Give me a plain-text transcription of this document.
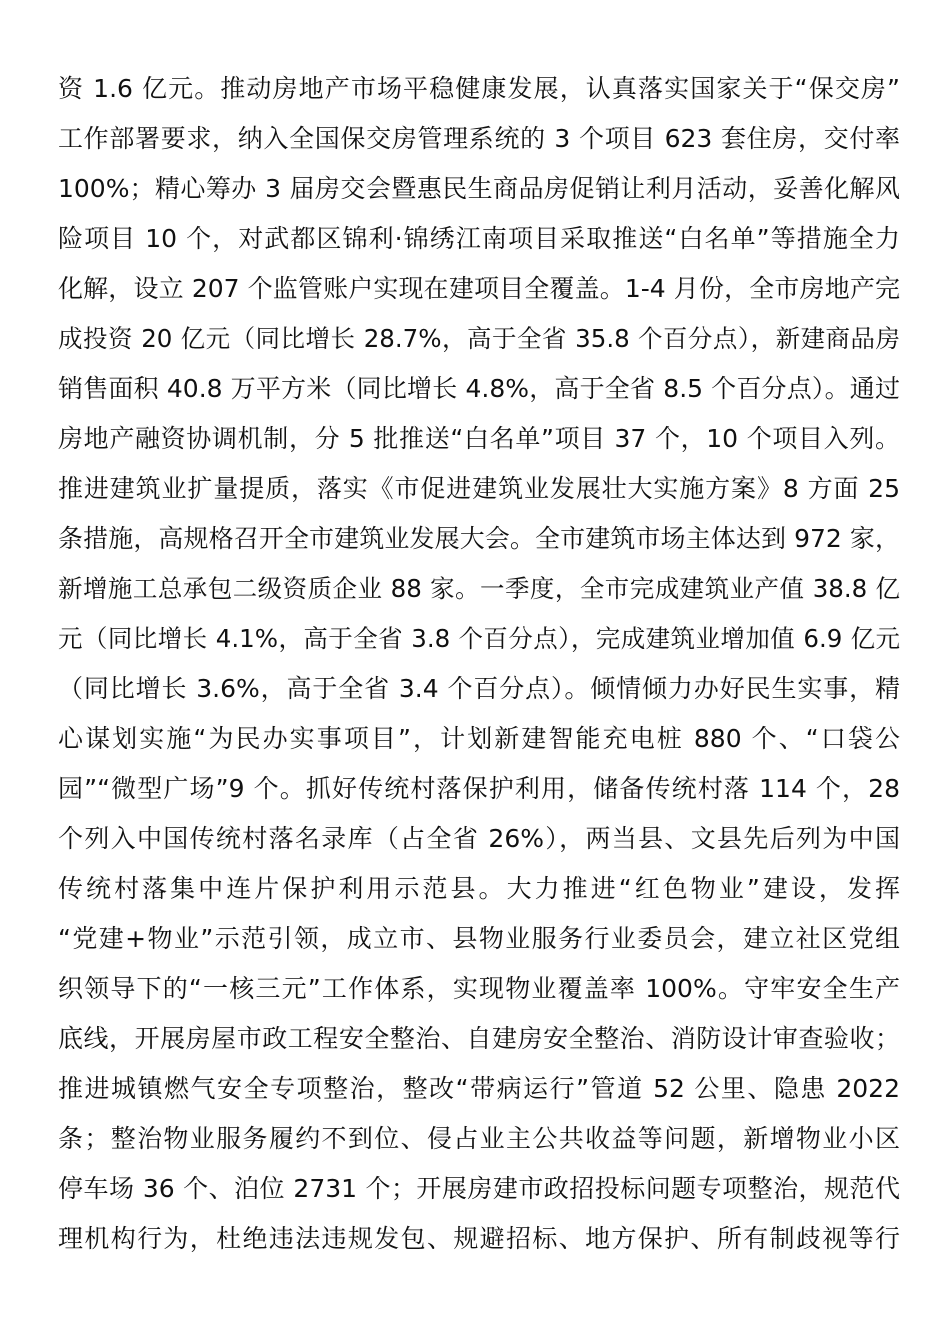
资 1.6 亿元。推动房地产市场平稳健康发展，认真落实国家关于“保交房”
工作部署要求，纳入全国保交房管理系统的 3 个项目 623 套住房，交付率
100%；精心筹办 3 届房交会暨惠民生商品房促销让利月活动，妥善化解风
险项目 10 个，对武都区锦利·锦绣江南项目采取推送“白名单”等措施全力
化解，设立 207 个监管账户实现在建项目全覆盖。1-4 月份，全市房地产完
成投资 20 亿元（同比增长 28.7%，高于全省 35.8 个百分点），新建商品房
销售面积 40.8 万平方米（同比增长 4.8%，高于全省 8.5 个百分点）。通过
房地产融资协调机制，分 5 批推送“白名单”项目 37 个，10 个项目入列。
推进建筑业扩量提质，落实《市促进建筑业发展壮大实施方案》8 方面 25
条措施，高规格召开全市建筑业发展大会。全市建筑市场主体达到 972 家，
新增施工总承包二级资质企业 88 家。一季度，全市完成建筑业产值 38.8 亿
元（同比增长 4.1%，高于全省 3.8 个百分点），完成建筑业增加值 6.9 亿元
（同比增长 3.6%，高于全省 3.4 个百分点）。倾情倾力办好民生实事，精
心谋划实施“为民办实事项目”，计划新建智能充电桩 880 个、“口袋公
园”“微型广场”9 个。抓好传统村落保护利用，储备传统村落 114 个，28
个列入中国传统村落名录库（占全省 26%），两当县、文县先后列为中国
传统村落集中连片保护利用示范县。大力推进“红色物业”建设，发挥
“党建+物业”示范引领，成立市、县物业服务行业委员会，建立社区党组
织领导下的“一核三元”工作体系，实现物业覆盖率 100%。守牢安全生产
底线，开展房屋市政工程安全整治、自建房安全整治、消防设计审查验收；
推进城镇燃气安全专项整治，整改“带病运行”管道 52 公里、隐患 2022
条；整治物业服务履约不到位、侵占业主公共收益等问题，新增物业小区
停车场 36 个、泊位 2731 个；开展房建市政招投标问题专项整治，规范代
理机构行为，杜绝违法违规发包、规避招标、地方保护、所有制歧视等行
